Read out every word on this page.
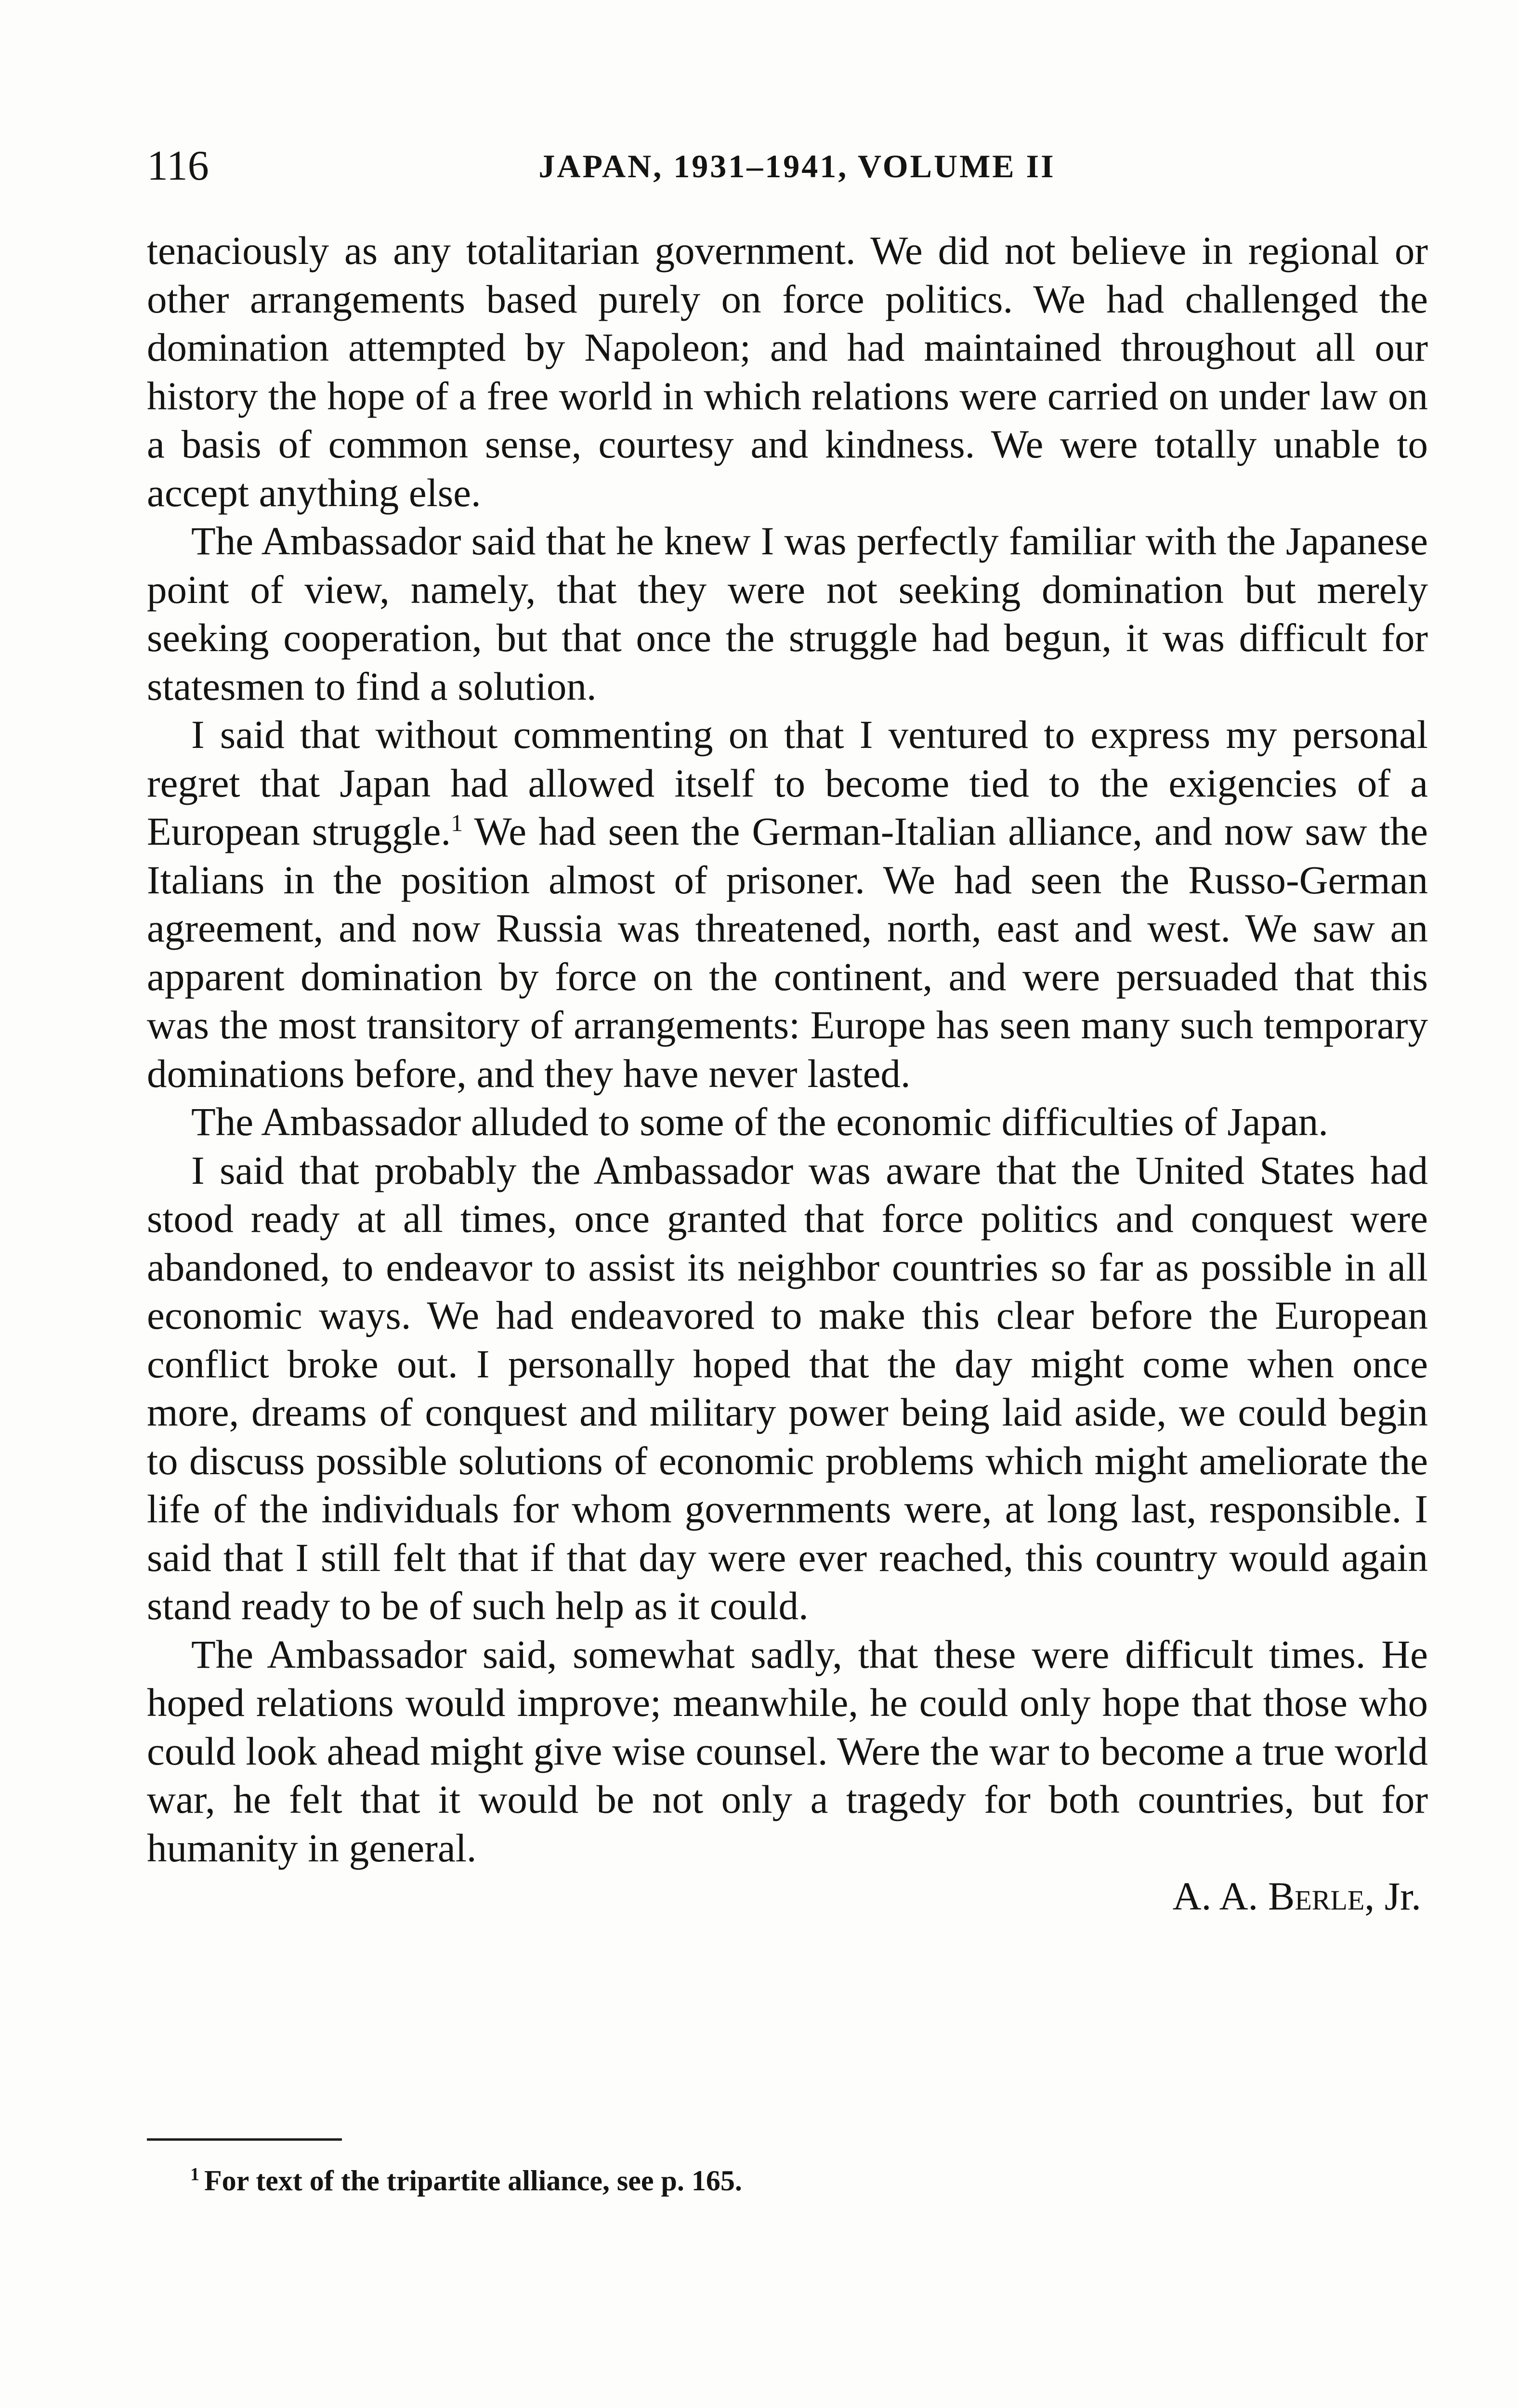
116	JAPAN, 1931–1941, VOLUME II

tenaciously as any totalitarian government. We did not believe in regional or other arrangements based purely on force politics. We had challenged the domination attempted by Napoleon; and had maintained throughout all our history the hope of a free world in which relations were carried on under law on a basis of common sense, courtesy and kindness. We were totally unable to accept anything else.

The Ambassador said that he knew I was perfectly familiar with the Japanese point of view, namely, that they were not seeking domination but merely seeking cooperation, but that once the struggle had begun, it was difficult for statesmen to find a solution.

I said that without commenting on that I ventured to express my personal regret that Japan had allowed itself to become tied to the exigencies of a European struggle.$^1$ We had seen the German-Italian alliance, and now saw the Italians in the position almost of prisoner. We had seen the Russo-German agreement, and now Russia was threatened, north, east and west. We saw an apparent domination by force on the continent, and were persuaded that this was the most transitory of arrangements: Europe has seen many such temporary dominations before, and they have never lasted.

The Ambassador alluded to some of the economic difficulties of Japan.

I said that probably the Ambassador was aware that the United States had stood ready at all times, once granted that force politics and conquest were abandoned, to endeavor to assist its neighbor countries so far as possible in all economic ways. We had endeavored to make this clear before the European conflict broke out. I personally hoped that the day might come when once more, dreams of conquest and military power being laid aside, we could begin to discuss possible solutions of economic problems which might ameliorate the life of the individuals for whom governments were, at long last, responsible. I said that I still felt that if that day were ever reached, this country would again stand ready to be of such help as it could.

The Ambassador said, somewhat sadly, that these were difficult times. He hoped relations would improve; meanwhile, he could only hope that those who could look ahead might give wise counsel. Were the war to become a true world war, he felt that it would be not only a tragedy for both countries, but for humanity in general.

A. A. Berle, Jr.

$^1$ For text of the tripartite alliance, see p. 165.
